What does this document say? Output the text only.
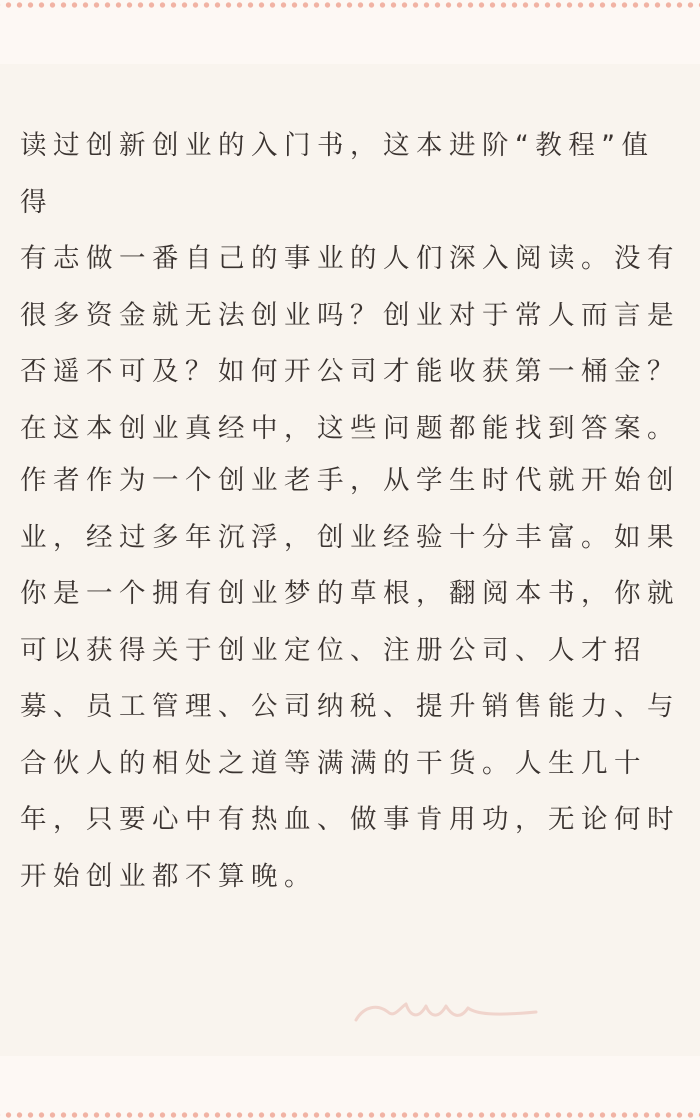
读过创新创业的入门书，这本进阶“教程”值得
有志做一番自己的事业的人们深入阅读。没有
很多资金就无法创业吗？创业对于常人而言是
否遥不可及？如何开公司才能收获第一桶金？
在这本创业真经中，这些问题都能找到答案。

作者作为一个创业老手，从学生时代就开始创
业，经过多年沉浮，创业经验十分丰富。如果
你是一个拥有创业梦的草根，翻阅本书，你就
可以获得关于创业定位、注册公司、人才招
募、员工管理、公司纳税、提升销售能力、与
合伙人的相处之道等满满的干货。人生几十
年，只要心中有热血、做事肯用功，无论何时
开始创业都不算晚。
